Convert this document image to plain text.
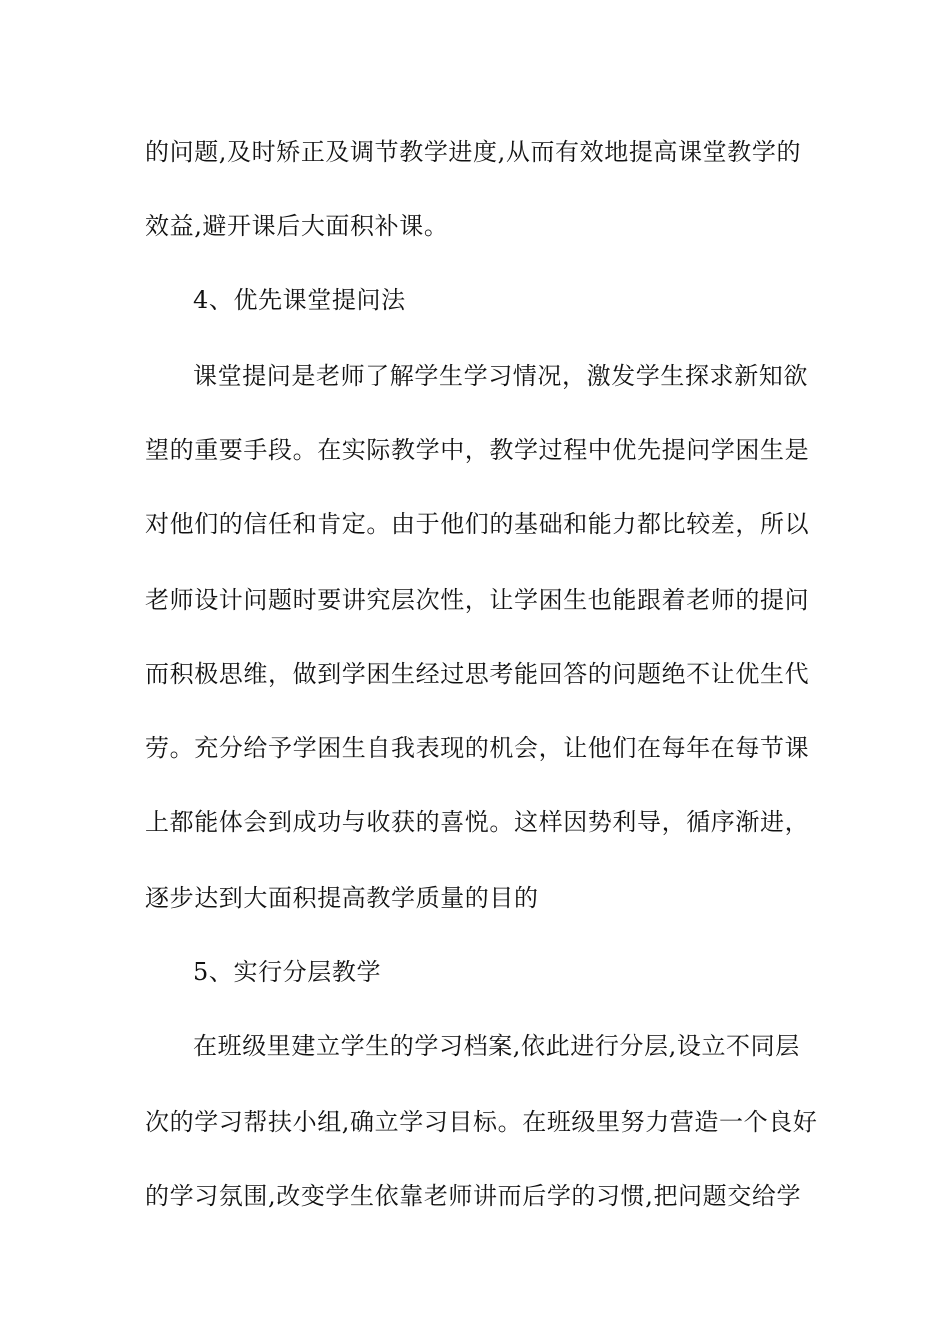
的问题,及时矫正及调节教学进度,从而有效地提高课堂教学的
效益,避开课后大面积补课。
4、优先课堂提问法
课堂提问是老师了解学生学习情况，激发学生探求新知欲
望的重要手段。在实际教学中，教学过程中优先提问学困生是
对他们的信任和肯定。由于他们的基础和能力都比较差，所以
老师设计问题时要讲究层次性，让学困生也能跟着老师的提问
而积极思维，做到学困生经过思考能回答的问题绝不让优生代
劳。充分给予学困生自我表现的机会，让他们在每年在每节课
上都能体会到成功与收获的喜悦。这样因势利导，循序渐进，
逐步达到大面积提高教学质量的目的
5、实行分层教学
在班级里建立学生的学习档案,依此进行分层,设立不同层
次的学习帮扶小组,确立学习目标。在班级里努力营造一个良好
的学习氛围,改变学生依靠老师讲而后学的习惯,把问题交给学
